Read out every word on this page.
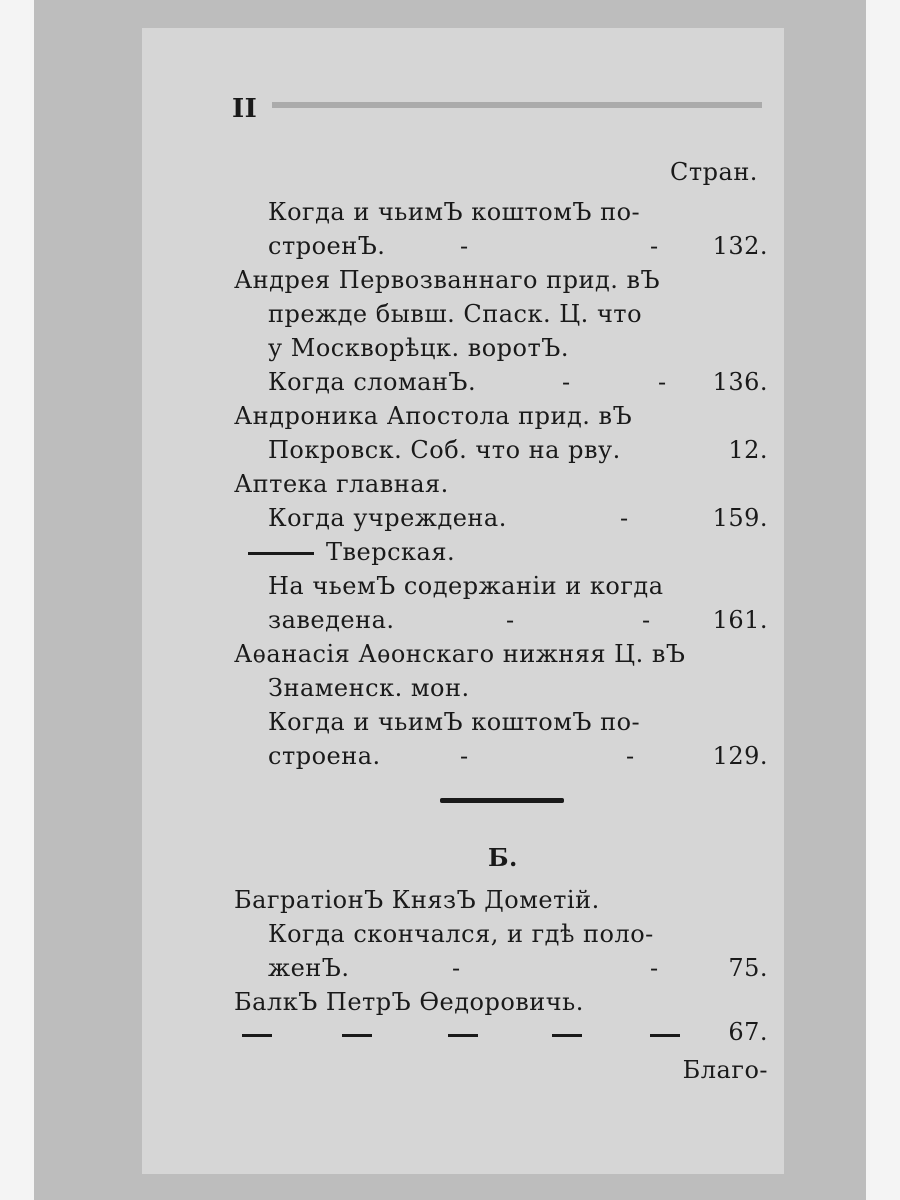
II
Стран.
Когда и чьимЪ коштомЪ по-
строенЪ.	-	-	132.
Андрея Первозваннаго прид. вЪ
прежде бывш. Спаск. Ц. что
у Москворѣцк. воротЪ.
Когда сломанЪ.	-	-	136.
Андроника Апостола прид. вЪ
Покровск. Соб. что на рву.	12.
Аптека главная.
Когда учреждена.	-	159.
Тверская.
На чьемЪ содержанiи и когда
заведена.	-	-	161.
Аѳанасiя Аѳонскаго нижняя Ц. вЪ
Знаменск. мон.
Когда и чьимЪ коштомЪ по-
строена.	-	-	129.
Б.
БагратiонЪ КнязЪ Дометiй.
Когда скончался, и гдѣ поло-
женЪ.	-	-	75.
БалкЪ ПетрЪ Ѳедоровичь.
67.
Благо-
